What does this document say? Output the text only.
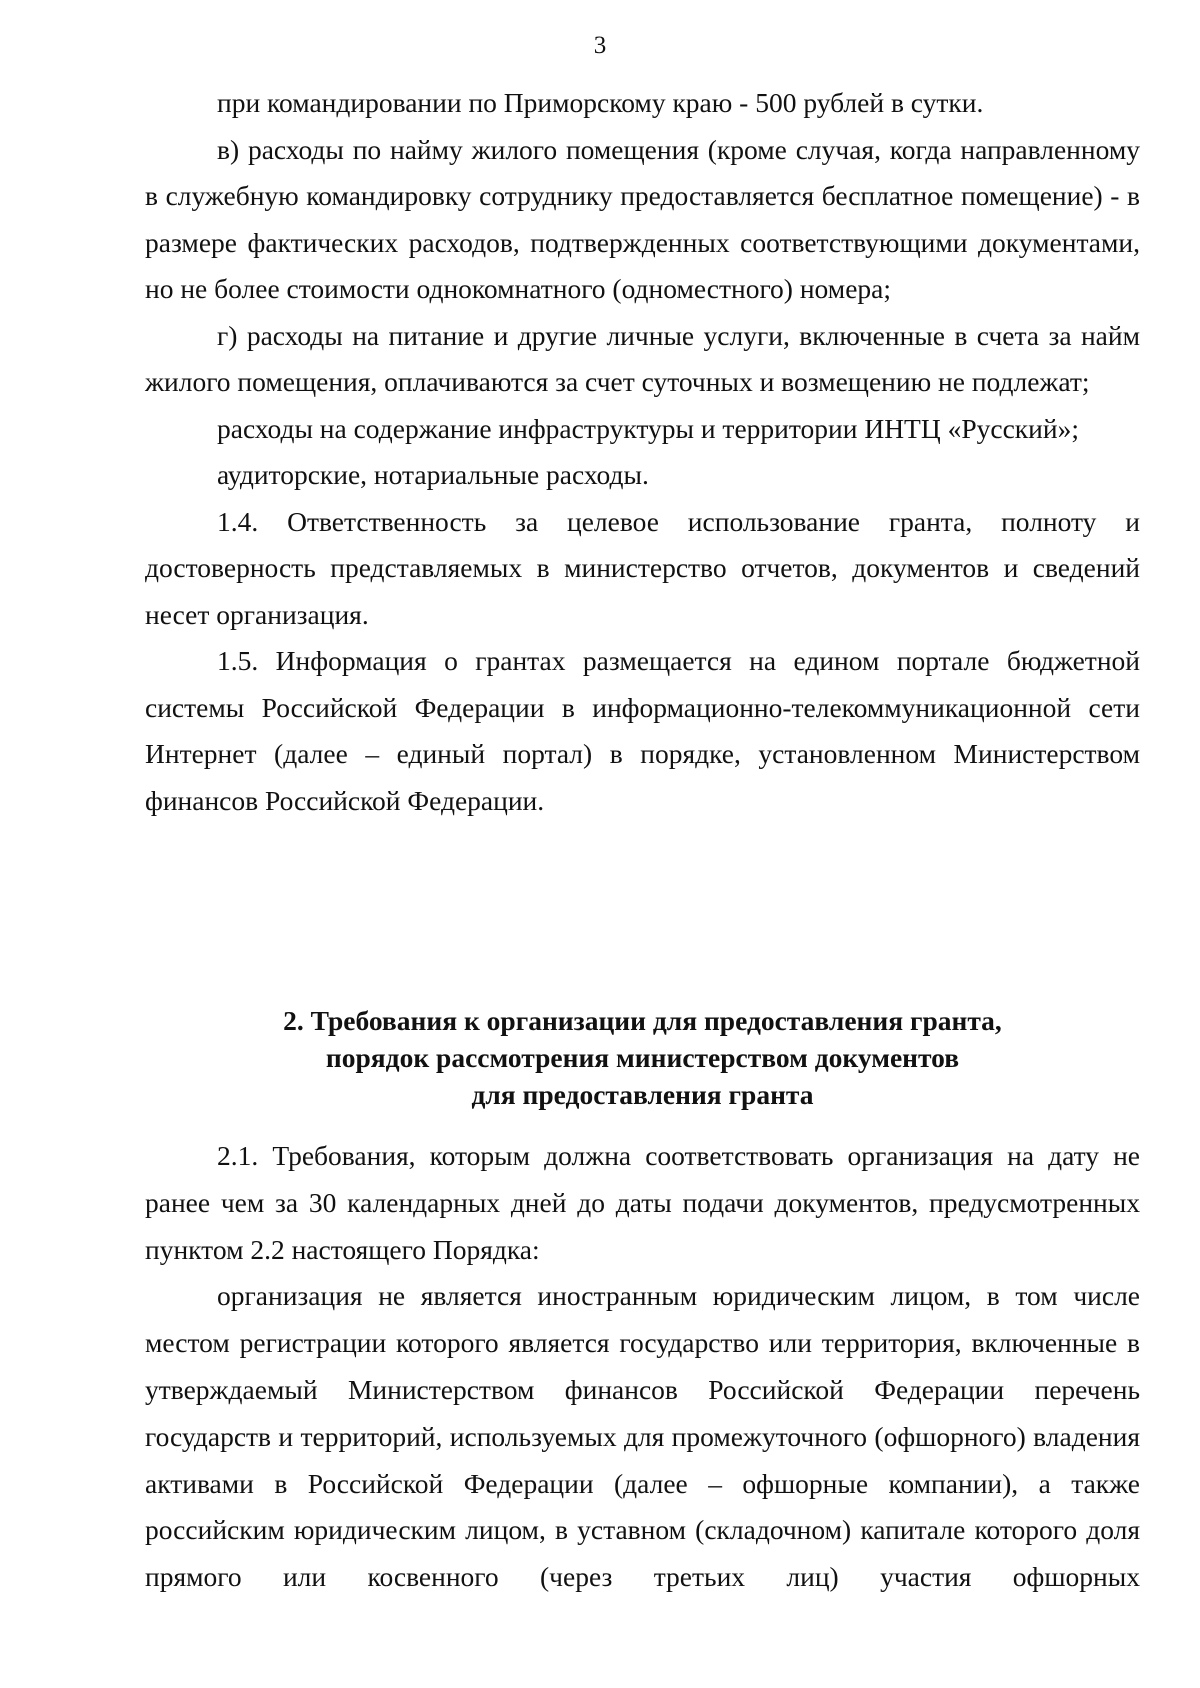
3

при командировании по Приморскому краю - 500 рублей в сутки.

в) расходы по найму жилого помещения (кроме случая, когда направленному в служебную командировку сотруднику предоставляется бесплатное помещение) - в размере фактических расходов, подтвержденных соответствующими документами, но не более стоимости однокомнатного (одноместного) номера;

г) расходы на питание и другие личные услуги, включенные в счета за найм жилого помещения, оплачиваются за счет суточных и возмещению не подлежат;

расходы на содержание инфраструктуры и территории ИНТЦ «Русский»;

аудиторские, нотариальные расходы.

1.4. Ответственность за целевое использование гранта, полноту и достоверность представляемых в министерство отчетов, документов и сведений несет организация.

1.5. Информация о грантах размещается на едином портале бюджетной системы Российской Федерации в информационно-телекоммуникационной сети Интернет (далее – единый портал) в порядке, установленном Министерством финансов Российской Федерации.

2. Требования к организации для предоставления гранта,
порядок рассмотрения министерством документов
для предоставления гранта

2.1. Требования, которым должна соответствовать организация на дату не ранее чем за 30 календарных дней до даты подачи документов, предусмотренных пунктом 2.2 настоящего Порядка:

организация не является иностранным юридическим лицом, в том числе местом регистрации которого является государство или территория, включенные в утверждаемый Министерством финансов Российской Федерации перечень государств и территорий, используемых для промежуточного (офшорного) владения активами в Российской Федерации (далее – офшорные компании), а также российским юридическим лицом, в уставном (складочном) капитале которого доля прямого или косвенного (через третьих лиц) участия офшорных
